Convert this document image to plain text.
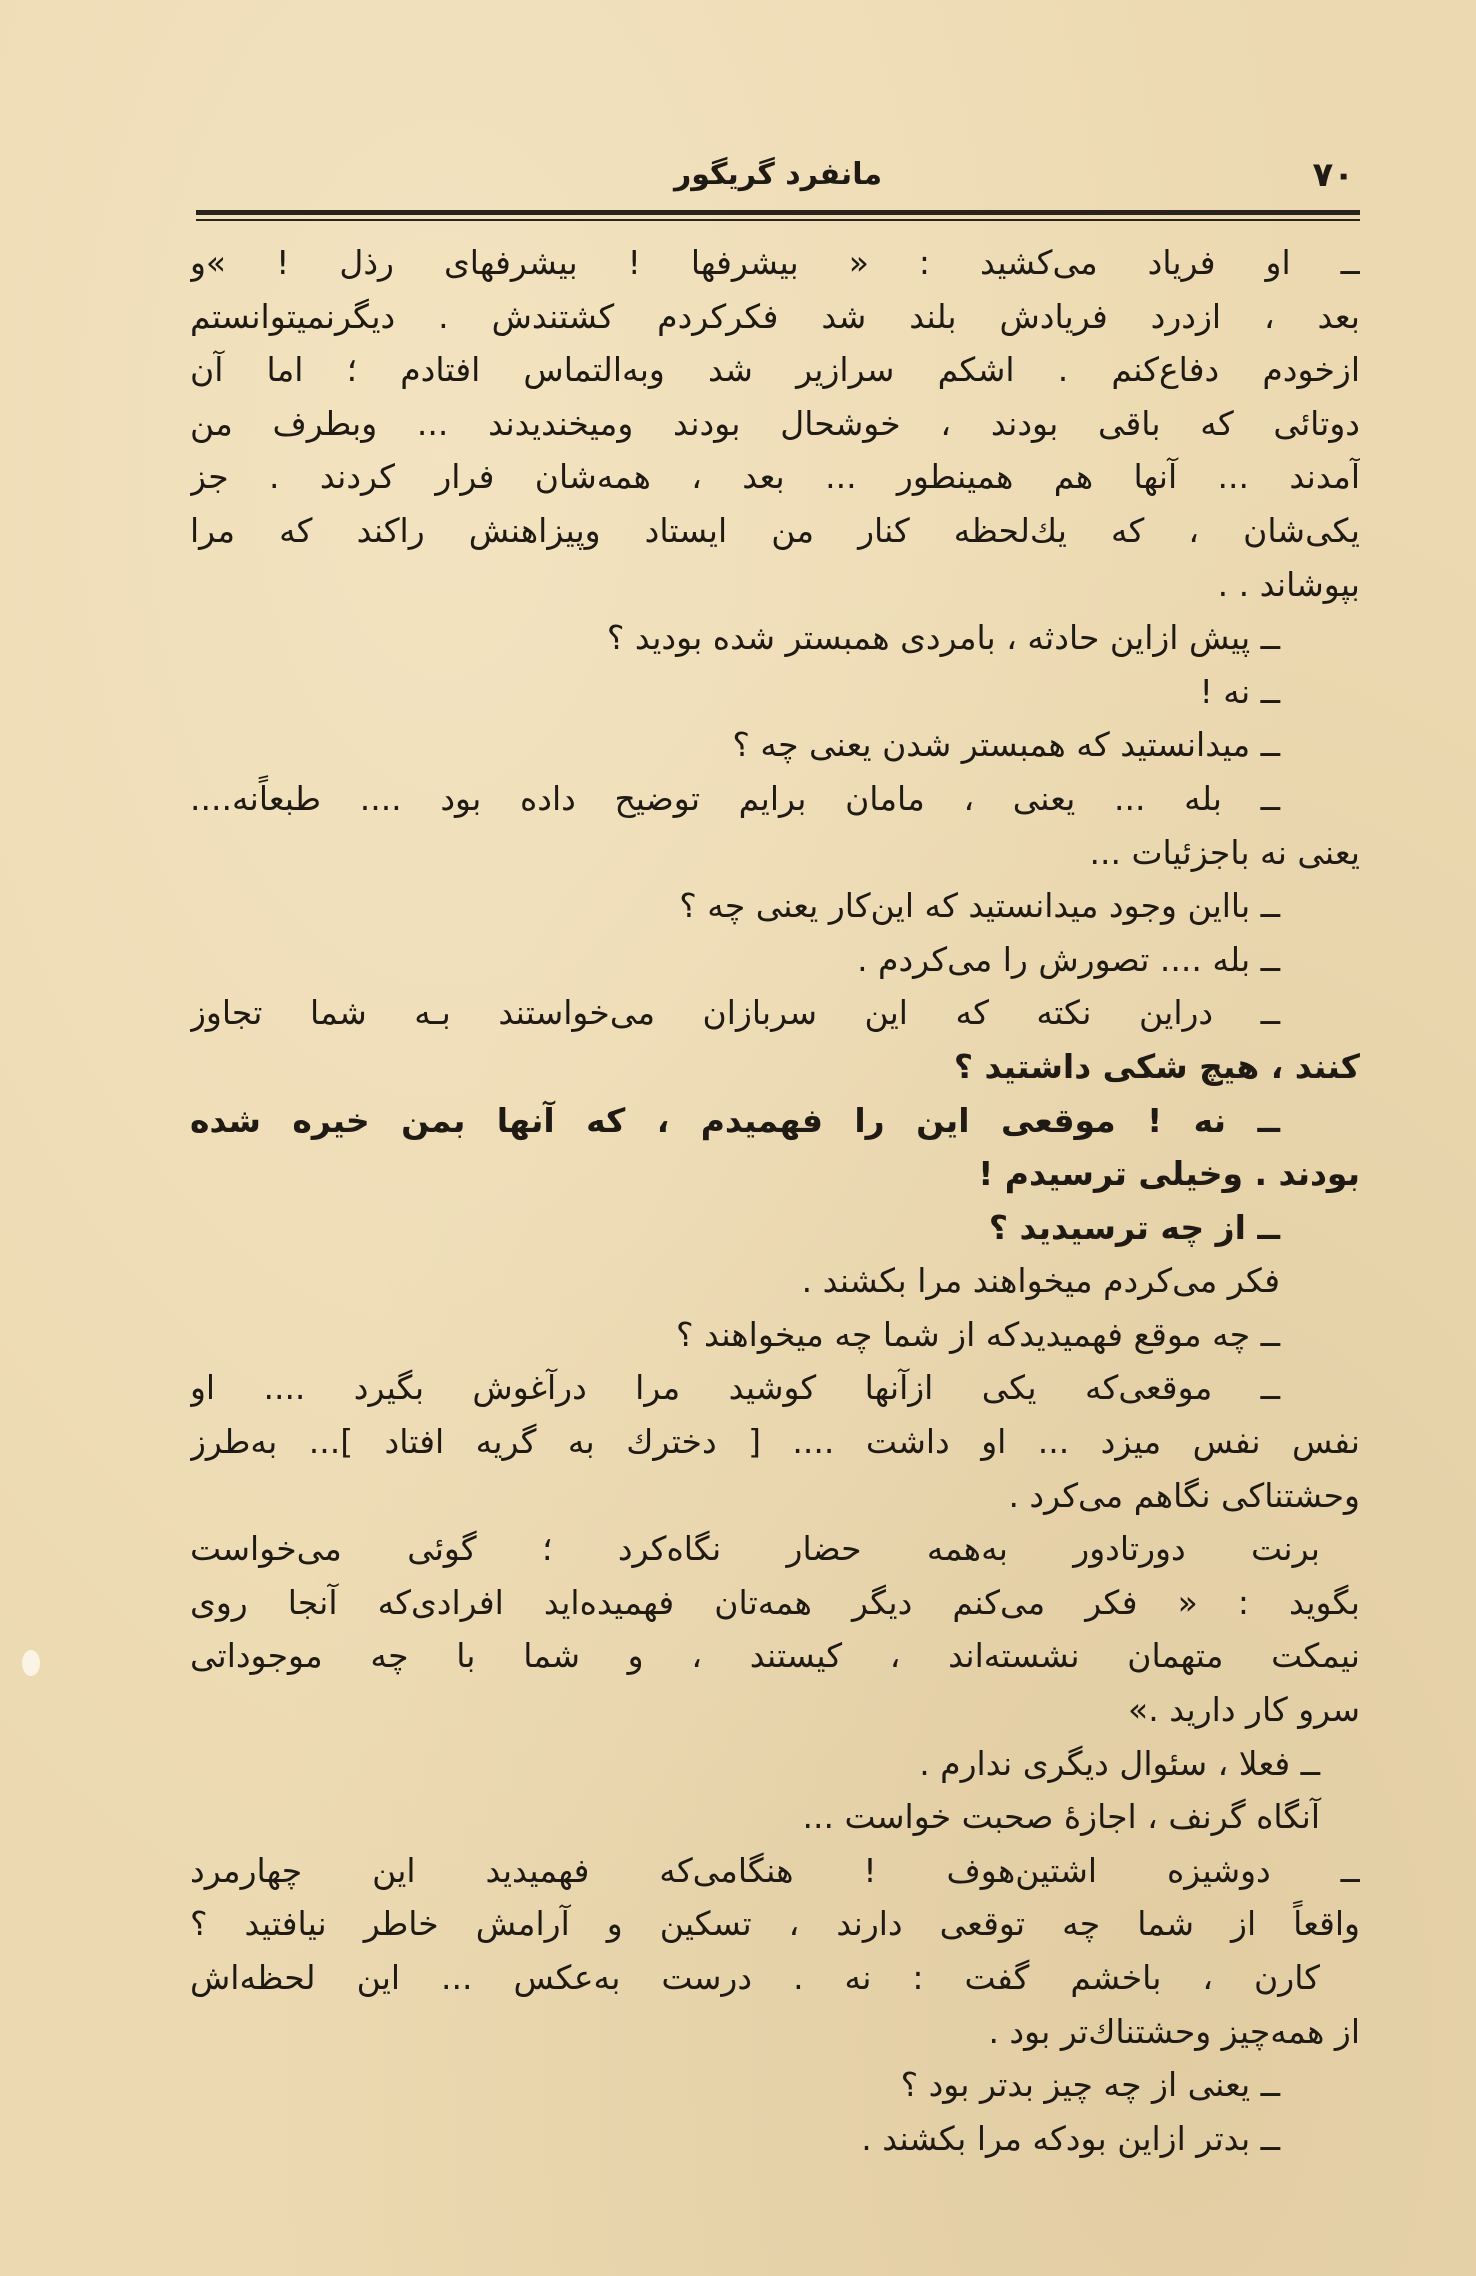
۷۰
مانفرد گریگور
ــ او فریاد می‌کشید : « بیشرفها ! بیشرفهای رذل ! »و
بعد ، ازدرد فریادش بلند شد فکرکردم کشتندش . دیگرنمیتوانستم
ازخودم دفاع‌کنم . اشکم سرازیر شد وبه‌التماس افتادم ؛ اما آن
دوتائی که باقی بودند ، خوشحال بودند ومیخندیدند ... وبطرف من
آمدند ... آنها هم همینطور ... بعد ، همه‌شان فرار کردند . جز
یکی‌شان ، که یك‌لحظه کنار من ایستاد وپیزاهنش راکند که مرا
بپوشاند . .
ــ پیش ازاین حادثه ، بامردی همبستر شده بودید ؟
ــ نه !
ــ میدانستید که همبستر شدن یعنی چه ؟
ــ بله ... یعنی ، مامان برایم توضیح داده بود .... طبعاًنه....
یعنی نه باجزئیات ...
ــ بااین وجود میدانستید که این‌کار یعنی چه ؟
ــ بله .... تصورش را می‌کردم .
ــ دراین نکته که این سربازان می‌خواستند بـه شما تجاوز
کنند ، هیچ شکی داشتید ؟
ــ نه ! موقعی این را فهمیدم ، که آنها بمن خیره شده
بودند . وخیلی ترسیدم !
ــ از چه ترسیدید ؟
فکر می‌کردم میخواهند مرا بکشند .
ــ چه موقع فهمیدیدکه از شما چه میخواهند ؟
ــ موقعی‌که یکی ازآنها کوشید مرا درآغوش بگیرد .... او
نفس نفس میزد ... او داشت .... [ دخترك به گریه افتاد ]... به‌طرز
وحشتناکی نگاهم می‌کرد .
برنت دورتادور به‌همه حضار نگاه‌کرد ؛ گوئی می‌خواست
بگوید : « فکر می‌کنم دیگر همه‌تان فهمیده‌اید افرادی‌که آنجا روی
نیمکت متهمان نشسته‌اند ، کیستند ، و شما با چه موجوداتی
سرو کار دارید .»
ــ فعلا ، سئوال دیگری ندارم .
آنگاه گرنف ، اجازهٔ صحبت خواست ...
ــ دوشیزه اشتین‌هوف ! هنگامی‌که فهمیدید این چهارمرد
واقعاً از شما چه توقعی دارند ، تسکین و آرامش خاطر نیافتید ؟
کارن ، باخشم گفت : نه . درست به‌عکس ... این لحظه‌اش
از همه‌چیز وحشتناك‌تر بود .
ــ یعنی از چه چیز بدتر بود ؟
ــ بدتر ازاین بودکه مرا بکشند .
